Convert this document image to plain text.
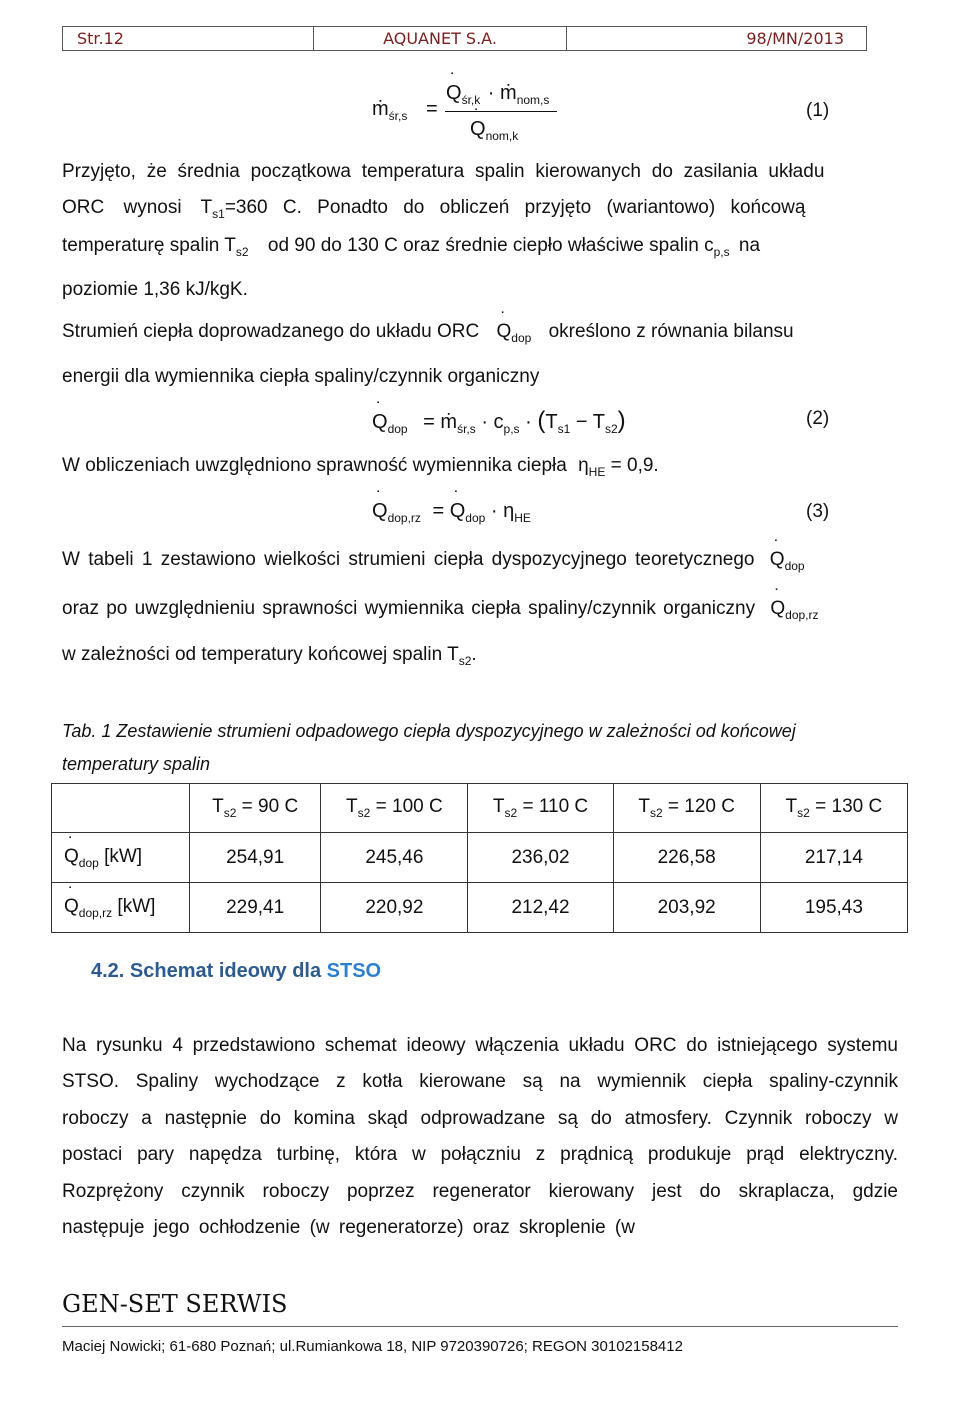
Str.12	AQUANET S.A.	98/MN/2013
ṁ$_{śr,s}$ =
˙ $Q_{śr,k}$ · ṁ$_{nom,s}$
˙ $Q_{nom,k}$
(1)
Przyjęto, że średnia początkowa temperatura spalin kierowanych do zasilania układu
ORC wynosi $T_{s1}=360$ C. Ponadto do obliczeń przyjęto (wariantowo) końcową
temperaturę spalin $T_{s2}$ od 90 do 130 C oraz średnie ciepło właściwe spalin $c_{p,s}$ na
poziomie 1,36 kJ/kgK.
Strumień ciepła doprowadzanego do układu ORC ˙ $Q_{dop}$ określono z równania bilansu
energii dla wymiennika ciepła spaliny/czynnik organiczny
˙ $Q_{dop}$ = ṁ$_{śr,s}$ · $c_{p,s} \cdot (T_{s1} - T_{s2})$	(2)
W obliczeniach uwzględniono sprawność wymiennika ciepła $\eta_{HE} = 0,9$.
˙ $Q_{dop,rz}$ = ˙ $Q_{dop} \cdot \eta_{HE}$	(3)
W tabeli 1 zestawiono wielkości strumieni ciepła dyspozycyjnego teoretycznego ˙ $Q_{dop}$
oraz po uwzględnieniu sprawności wymiennika ciepła spaliny/czynnik organiczny ˙ $Q_{dop,rz}$
w zależności od temperatury końcowej spalin $T_{s2}$.
Tab. 1 Zestawienie strumieni odpadowego ciepła dyspozycyjnego w zależności od końcowej
temperatury spalin
	$T_{s2} = 90$ C	$T_{s2} = 100$ C	$T_{s2} = 110$ C	$T_{s2} = 120$ C	$T_{s2} = 130$ C
˙ $Q_{dop}$ [kW]	254,91	245,46	236,02	226,58	217,14
˙ $Q_{dop,rz}$ [kW]	229,41	220,92	212,42	203,92	195,43
4.2. Schemat ideowy dla STSO
Na rysunku 4 przedstawiono schemat ideowy włączenia układu ORC do istniejącego systemu STSO. Spaliny wychodzące z kotła kierowane są na wymiennik ciepła spaliny-czynnik roboczy a następnie do komina skąd odprowadzane są do atmosfery. Czynnik roboczy w postaci pary napędza turbinę, która w połączniu z prądnicą produkuje prąd elektryczny. Rozprężony czynnik roboczy poprzez regenerator kierowany jest do skraplacza, gdzie następuje jego ochłodzenie (w regeneratorze) oraz skroplenie (w
GEN-SET SERWIS
Maciej Nowicki; 61-680 Poznań; ul.Rumiankowa 18, NIP 9720390726; REGON 30102158412
